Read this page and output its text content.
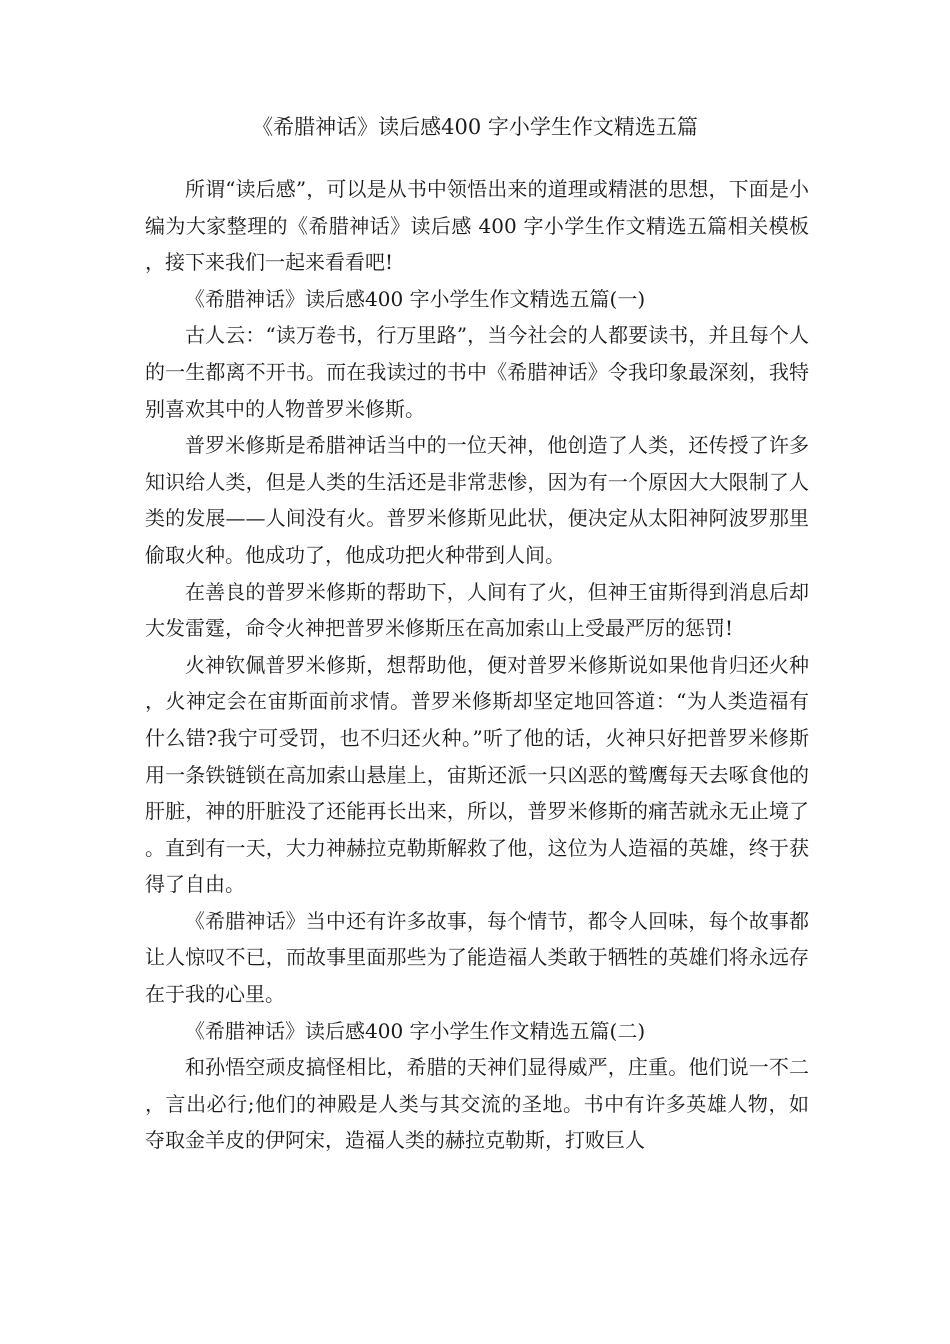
《希腊神话》读后感400 字小学生作文精选五篇

所谓“读后感”，可以是从书中领悟出来的道理或精湛的思想，下面是小编为大家整理的《希腊神话》读后感 400 字小学生作文精选五篇相关模板，接下来我们一起来看看吧!

《希腊神话》读后感400 字小学生作文精选五篇(一)

古人云：“读万卷书，行万里路”，当今社会的人都要读书，并且每个人的一生都离不开书。而在我读过的书中《希腊神话》令我印象最深刻，我特别喜欢其中的人物普罗米修斯。

普罗米修斯是希腊神话当中的一位天神，他创造了人类，还传授了许多知识给人类，但是人类的生活还是非常悲惨，因为有一个原因大大限制了人类的发展——人间没有火。普罗米修斯见此状，便决定从太阳神阿波罗那里偷取火种。他成功了，他成功把火种带到人间。

在善良的普罗米修斯的帮助下，人间有了火，但神王宙斯得到消息后却大发雷霆，命令火神把普罗米修斯压在高加索山上受最严厉的惩罚!

火神钦佩普罗米修斯，想帮助他，便对普罗米修斯说如果他肯归还火种，火神定会在宙斯面前求情。普罗米修斯却坚定地回答道：“为人类造福有什么错?我宁可受罚，也不归还火种。”听了他的话，火神只好把普罗米修斯用一条铁链锁在高加索山悬崖上，宙斯还派一只凶恶的鹫鹰每天去啄食他的肝脏，神的肝脏没了还能再长出来，所以，普罗米修斯的痛苦就永无止境了。直到有一天，大力神赫拉克勒斯解救了他，这位为人造福的英雄，终于获得了自由。

《希腊神话》当中还有许多故事，每个情节，都令人回味，每个故事都让人惊叹不已，而故事里面那些为了能造福人类敢于牺牲的英雄们将永远存在于我的心里。

《希腊神话》读后感400 字小学生作文精选五篇(二)

和孙悟空顽皮搞怪相比，希腊的天神们显得威严，庄重。他们说一不二，言出必行;他们的神殿是人类与其交流的圣地。书中有许多英雄人物，如夺取金羊皮的伊阿宋，造福人类的赫拉克勒斯，打败巨人
